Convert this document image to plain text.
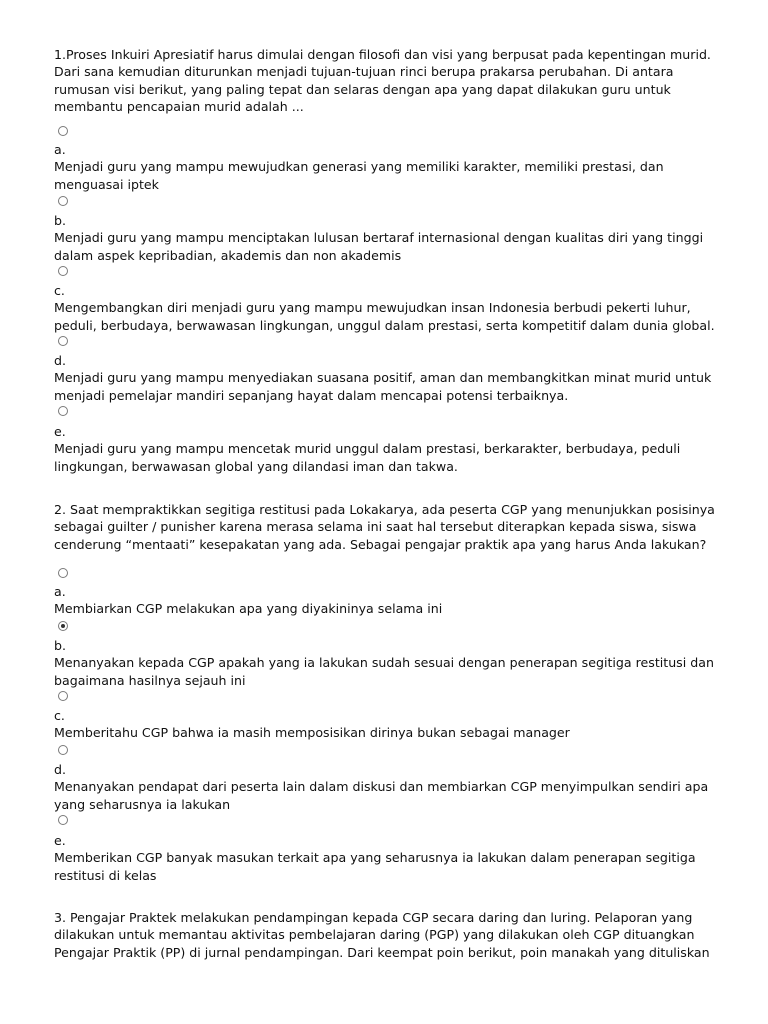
1.Proses Inkuiri Apresiatif harus dimulai dengan filosofi dan visi yang berpusat pada kepentingan murid. Dari sana kemudian diturunkan menjadi tujuan-tujuan rinci berupa prakarsa perubahan. Di antara rumusan visi berikut, yang paling tepat dan selaras dengan apa yang dapat dilakukan guru untuk membantu pencapaian murid adalah ...

a.
Menjadi guru yang mampu mewujudkan generasi yang memiliki karakter, memiliki prestasi, dan menguasai iptek
b.
Menjadi guru yang mampu menciptakan lulusan bertaraf internasional dengan kualitas diri yang tinggi dalam aspek kepribadian, akademis dan non akademis
c.
Mengembangkan diri menjadi guru yang mampu mewujudkan insan Indonesia berbudi pekerti luhur, peduli, berbudaya, berwawasan lingkungan, unggul dalam prestasi, serta kompetitif dalam dunia global.
d.
Menjadi guru yang mampu menyediakan suasana positif, aman dan membangkitkan minat murid untuk menjadi pemelajar mandiri sepanjang hayat dalam mencapai potensi terbaiknya.
e.
Menjadi guru yang mampu mencetak murid unggul dalam prestasi, berkarakter, berbudaya, peduli lingkungan, berwawasan global yang dilandasi iman dan takwa.

2. Saat mempraktikkan segitiga restitusi pada Lokakarya, ada peserta CGP yang menunjukkan posisinya sebagai guilter / punisher karena merasa selama ini saat hal tersebut diterapkan kepada siswa, siswa cenderung “mentaati” kesepakatan yang ada. Sebagai pengajar praktik apa yang harus Anda lakukan?

a.
Membiarkan CGP melakukan apa yang diyakininya selama ini
b.
Menanyakan kepada CGP apakah yang ia lakukan sudah sesuai dengan penerapan segitiga restitusi dan bagaimana hasilnya sejauh ini
c.
Memberitahu CGP bahwa ia masih memposisikan dirinya bukan sebagai manager
d.
Menanyakan pendapat dari peserta lain dalam diskusi dan membiarkan CGP menyimpulkan sendiri apa yang seharusnya ia lakukan
e.
Memberikan CGP banyak masukan terkait apa yang seharusnya ia lakukan dalam penerapan segitiga restitusi di kelas

3. Pengajar Praktek melakukan pendampingan kepada CGP secara daring dan luring. Pelaporan yang dilakukan untuk memantau aktivitas pembelajaran daring (PGP) yang dilakukan oleh CGP dituangkan Pengajar Praktik (PP) di jurnal pendampingan. Dari keempat poin berikut, poin manakah yang dituliskan
